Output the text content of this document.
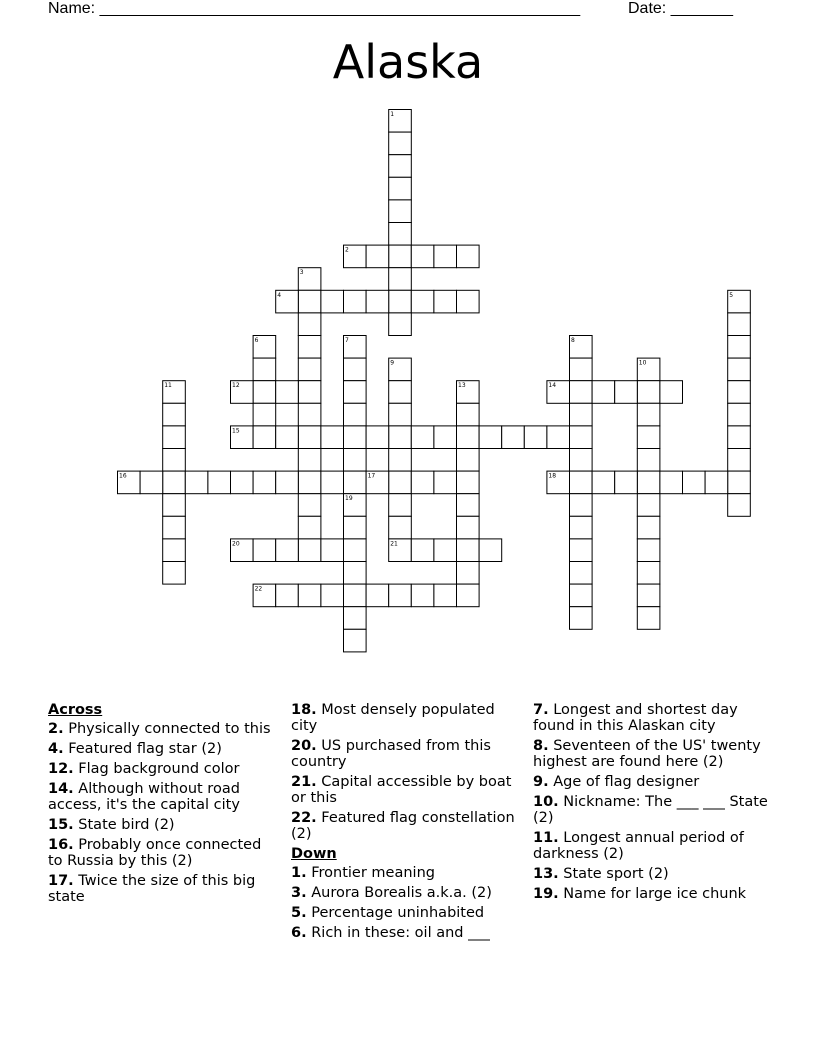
Name: ______________________________________________________	Date: _______
Alaska
1
2
3
4	5
6	7	8
9	10
11	12	13	14
15
16	17	18
19
20	21
22
Across
2. Physically connected to this
4. Featured flag star (2)
12. Flag background color
14. Although without road access, it's the capital city
15. State bird (2)
16. Probably once connected to Russia by this (2)
17. Twice the size of this big state
18. Most densely populated city
20. US purchased from this country
21. Capital accessible by boat or this
22. Featured flag constellation (2)
Down
1. Frontier meaning
3. Aurora Borealis a.k.a. (2)
5. Percentage uninhabited
6. Rich in these: oil and ___
7. Longest and shortest day found in this Alaskan city
8. Seventeen of the US' twenty highest are found here (2)
9. Age of flag designer
10. Nickname: The ___ ___ State (2)
11. Longest annual period of darkness (2)
13. State sport (2)
19. Name for large ice chunk
